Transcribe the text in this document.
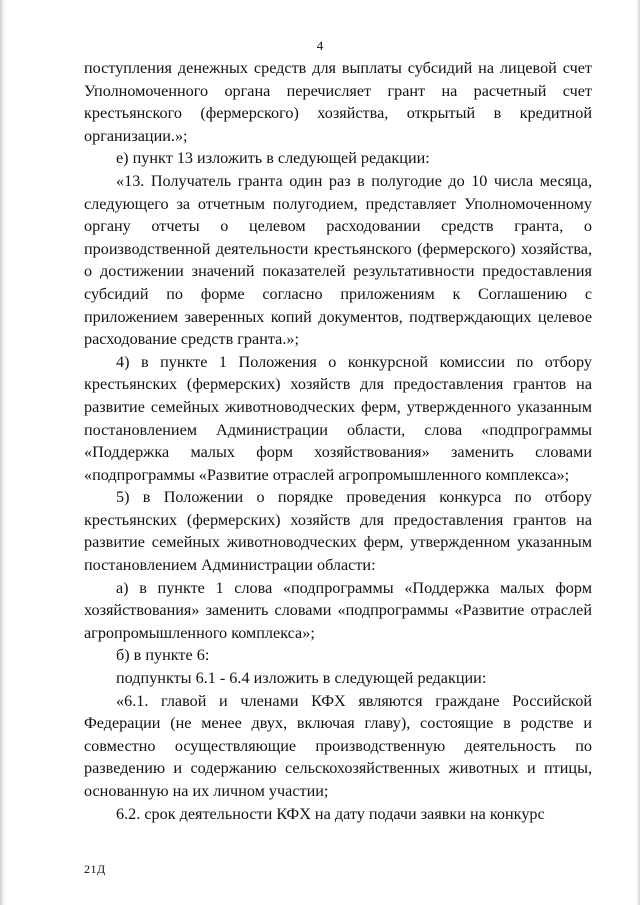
4

поступления денежных средств для выплаты субсидий на лицевой счет Уполномоченного органа перечисляет грант на расчетный счет крестьянского (фермерского) хозяйства, открытый в кредитной организации.»;

е) пункт 13 изложить в следующей редакции:

«13. Получатель гранта один раз в полугодие до 10 числа месяца, следующего за отчетным полугодием, представляет Уполномоченному органу отчеты о целевом расходовании средств гранта, о производственной деятельности крестьянского (фермерского) хозяйства, о достижении значений показателей результативности предоставления субсидий по форме согласно приложениям к Соглашению с приложением заверенных копий документов, подтверждающих целевое расходование средств гранта.»;

4) в пункте 1 Положения о конкурсной комиссии по отбору крестьянских (фермерских) хозяйств для предоставления грантов на развитие семейных животноводческих ферм, утвержденного указанным постановлением Администрации области, слова «подпрограммы «Поддержка малых форм хозяйствования» заменить словами «подпрограммы «Развитие отраслей агропромышленного комплекса»;

5) в Положении о порядке проведения конкурса по отбору крестьянских (фермерских) хозяйств для предоставления грантов на развитие семейных животноводческих ферм, утвержденном указанным постановлением Администрации области:

а) в пункте 1 слова «подпрограммы «Поддержка малых форм хозяйствования» заменить словами «подпрограммы «Развитие отраслей агропромышленного комплекса»;

б) в пункте 6:

подпункты 6.1 - 6.4 изложить в следующей редакции:

«6.1. главой и членами КФХ являются граждане Российской Федерации (не менее двух, включая главу), состоящие в родстве и совместно осуществляющие производственную деятельность по разведению и содержанию сельскохозяйственных животных и птицы, основанную на их личном участии;

6.2. срок деятельности КФХ на дату подачи заявки на конкурс

21Д
